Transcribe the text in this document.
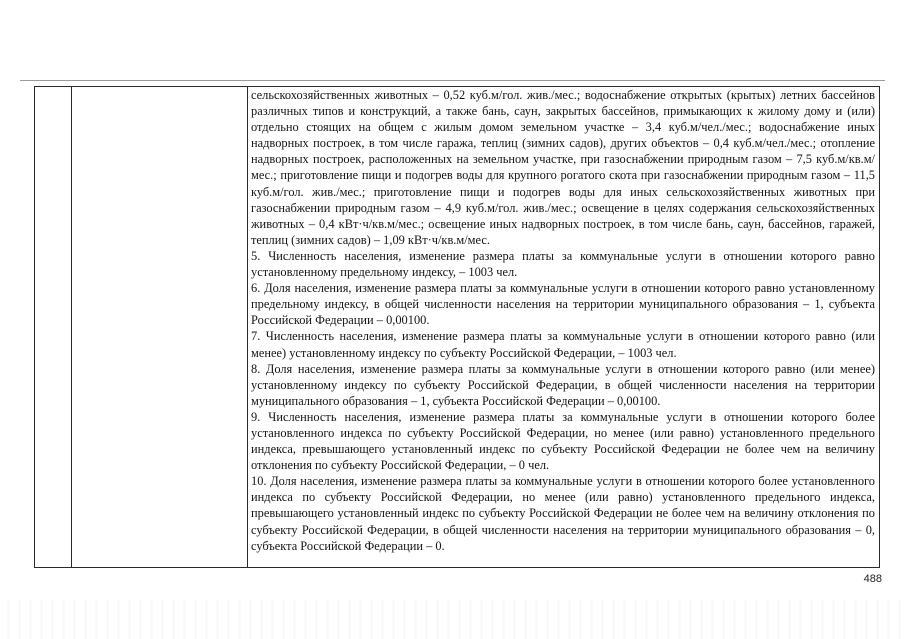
сельскохозяйственных животных – 0,52 куб.м/гол. жив./мес.; водоснабжение открытых (крытых) летних бассейнов различных типов и конструкций, а также бань, саун, закрытых бассейнов, примыкающих к жилому дому и (или) отдельно стоящих на общем с жилым домом земельном участке – 3,4 куб.м/чел./мес.; водоснабжение иных надворных построек, в том числе гаража, теплиц (зимних садов), других объектов – 0,4 куб.м/чел./мес.; отопление надворных построек, расположенных на земельном участке, при газоснабжении природным газом – 7,5 куб.м/кв.м/мес.; приготовление пищи и подогрев воды для крупного рогатого скота при газоснабжении природным газом – 11,5 куб.м/гол. жив./мес.; приготовление пищи и подогрев воды для иных сельскохозяйственных животных при газоснабжении природным газом – 4,9 куб.м/гол. жив./мес.; освещение в целях содержания сельскохозяйственных животных – 0,4 кВт·ч/кв.м/мес.; освещение иных надворных построек, в том числе бань, саун, бассейнов, гаражей, теплиц (зимних садов) – 1,09 кВт·ч/кв.м/мес.

5. Численность населения, изменение размера платы за коммунальные услуги в отношении которого равно установленному предельному индексу, – 1003 чел.

6. Доля населения, изменение размера платы за коммунальные услуги в отношении которого равно установленному предельному индексу, в общей численности населения на территории муниципального образования – 1, субъекта Российской Федерации – 0,00100.

7. Численность населения, изменение размера платы за коммунальные услуги в отношении которого равно (или менее) установленному индексу по субъекту Российской Федерации, – 1003 чел.

8. Доля населения, изменение размера платы за коммунальные услуги в отношении которого равно (или менее) установленному индексу по субъекту Российской Федерации, в общей численности населения на территории муниципального образования – 1, субъекта Российской Федерации – 0,00100.

9. Численность населения, изменение размера платы за коммунальные услуги в отношении которого более установленного индекса по субъекту Российской Федерации, но менее (или равно) установленного предельного индекса, превышающего установленный индекс по субъекту Российской Федерации не более чем на величину отклонения по субъекту Российской Федерации, – 0 чел.

10. Доля населения, изменение размера платы за коммунальные услуги в отношении которого более установленного индекса по субъекту Российской Федерации, но менее (или равно) установленного предельного индекса, превышающего установленный индекс по субъекту Российской Федерации не более чем на величину отклонения по субъекту Российской Федерации, в общей численности населения на территории муниципального образования – 0, субъекта Российской Федерации – 0.

488
